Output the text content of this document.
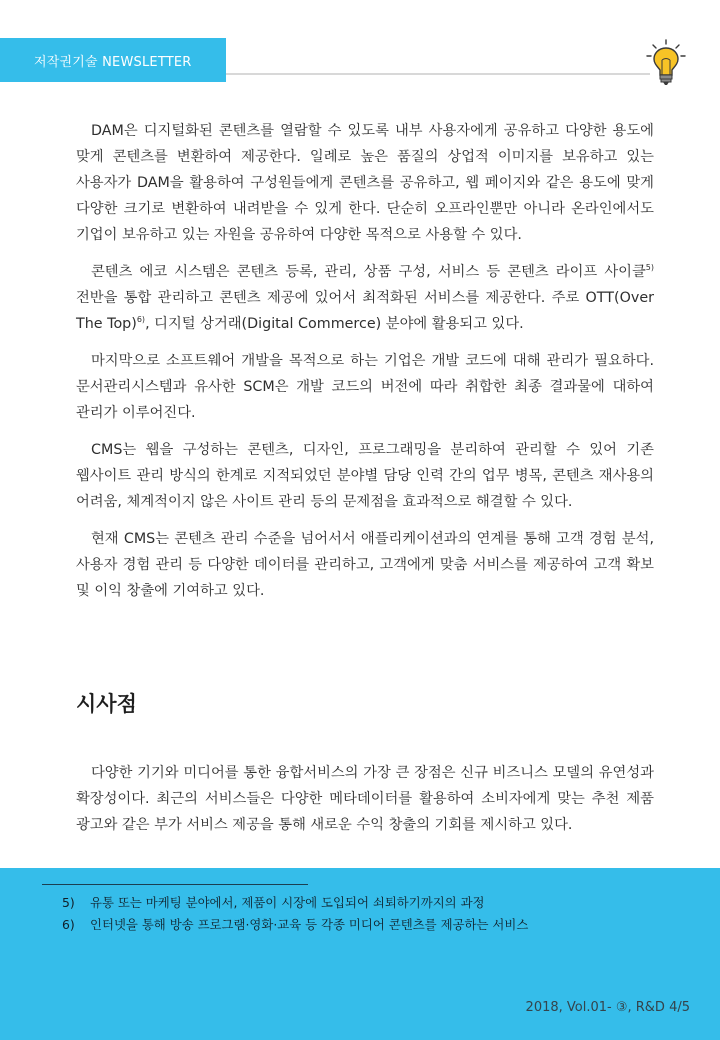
저작권기술 NEWSLETTER

DAM은 디지털화된 콘텐츠를 열람할 수 있도록 내부 사용자에게 공유하고 다양한 용도에 맞게 콘텐츠를 변환하여 제공한다. 일례로 높은 품질의 상업적 이미지를 보유하고 있는 사용자가 DAM을 활용하여 구성원들에게 콘텐츠를 공유하고, 웹 페이지와 같은 용도에 맞게 다양한 크기로 변환하여 내려받을 수 있게 한다. 단순히 오프라인뿐만 아니라 온라인에서도 기업이 보유하고 있는 자원을 공유하여 다양한 목적으로 사용할 수 있다.

콘텐츠 에코 시스템은 콘텐츠 등록, 관리, 상품 구성, 서비스 등 콘텐츠 라이프 사이클$^{5)}$ 전반을 통합 관리하고 콘텐츠 제공에 있어서 최적화된 서비스를 제공한다. 주로 OTT(Over The Top)$^{6)}$, 디지털 상거래(Digital Commerce) 분야에 활용되고 있다.

마지막으로 소프트웨어 개발을 목적으로 하는 기업은 개발 코드에 대해 관리가 필요하다. 문서관리시스템과 유사한 SCM은 개발 코드의 버전에 따라 취합한 최종 결과물에 대하여 관리가 이루어진다.

CMS는 웹을 구성하는 콘텐츠, 디자인, 프로그래밍을 분리하여 관리할 수 있어 기존 웹사이트 관리 방식의 한계로 지적되었던 분야별 담당 인력 간의 업무 병목, 콘텐츠 재사용의 어려움, 체계적이지 않은 사이트 관리 등의 문제점을 효과적으로 해결할 수 있다.

현재 CMS는 콘텐츠 관리 수준을 넘어서서 애플리케이션과의 연계를 통해 고객 경험 분석, 사용자 경험 관리 등 다양한 데이터를 관리하고, 고객에게 맞춤 서비스를 제공하여 고객 확보 및 이익 창출에 기여하고 있다.

시사점

다양한 기기와 미디어를 통한 융합서비스의 가장 큰 장점은 신규 비즈니스 모델의 유연성과 확장성이다. 최근의 서비스들은 다양한 메타데이터를 활용하여 소비자에게 맞는 추천 제품 광고와 같은 부가 서비스 제공을 통해 새로운 수익 창출의 기회를 제시하고 있다.

5)	유통 또는 마케팅 분야에서, 제품이 시장에 도입되어 쇠퇴하기까지의 과정
6)	인터넷을 통해 방송 프로그램·영화·교육 등 각종 미디어 콘텐츠를 제공하는 서비스
2018, Vol.01- ③, R&D 4/5
